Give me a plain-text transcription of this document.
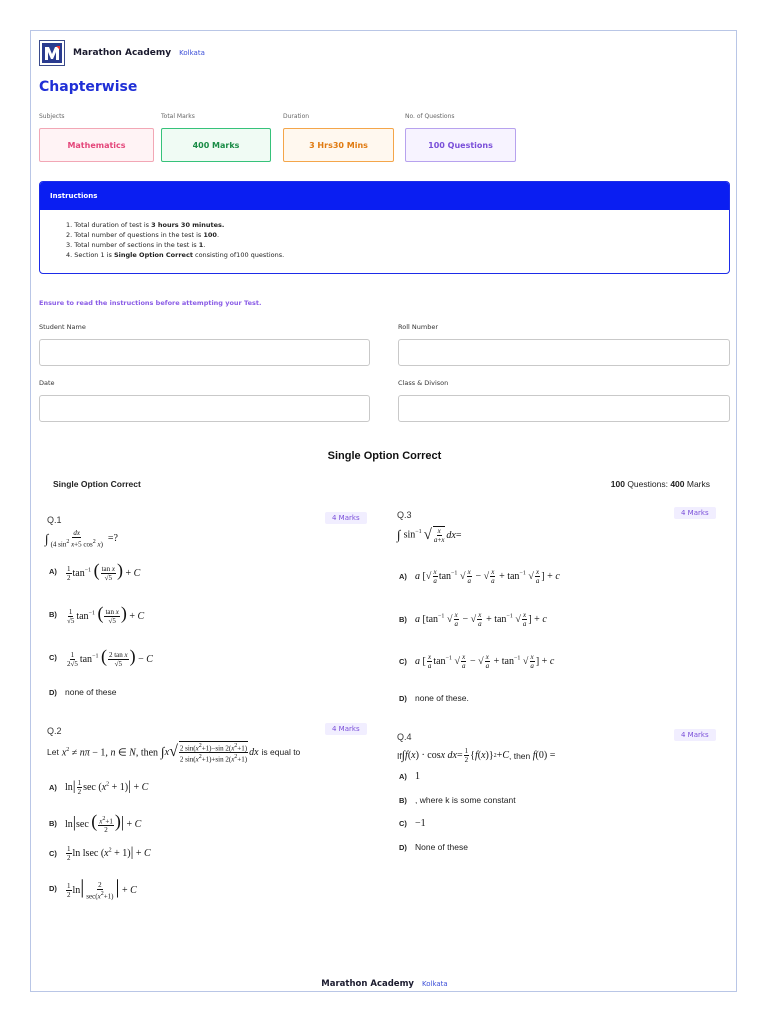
Marathon Academy Kolkata
Chapterwise
Subjects	Total Marks	Duration	No. of Questions
Mathematics	400 Marks	3 Hrs30 Mins	100 Questions
Instructions
1. Total duration of test is 3 hours 30 minutes.
2. Total number of questions in the test is 100.
3. Total number of sections in the test is 1.
4. Section 1 is Single Option Correct consisting of100 questions.
Ensure to read the instructions before attempting your Test.
Student Name	Roll Number
Date	Class & Divison
Single Option Correct
Single Option Correct	100 Questions: 400 Marks
Q.1	4 Marks
∫ $\frac{dx}{(4 \sin^2 x+5 \cos^2 x)}$ =?
A)	$\frac{1}{2} \tan^{-1}$ ( $\frac{\text{tan x}}{√5}$ ) + C
B)	$\frac{1}{√5} \tan^{-1}$ ( $\frac{\text{tan x}}{√5}$ ) + C
C)	$\frac{1}{2√5} \tan^{-1}$ ( $\frac{\text{2 tan x}}{√5}$ ) − C
D) none of these
Q.2	4 Marks
Let $x^2 \ne n\pi - 1$, n ∈ N, then ∫ x √ $\frac{2 \sin(x^2+1)-\sin 2(x^2+1)}{2 \sin(x^2+1)+\sin 2(x^2+1)}$ dx is equal to
A) $\ln| \frac{1}{2}$ $\sec (x^2 + 1)| + C$
B) ln|sec ( $\frac{x^2+1}{2}$ )| + C
C)	$\frac{1}{2}$ ln lsec $(x^2 + 1)| + C$
D)	$\frac{1}{2} \ln| \frac{2}{\sec(x^2+1)}$ | + C
Q.3	4 Marks
∫ $\sin^{-1}$ √ $\frac{x}{a+x}$ dx =
A) a [√ $\frac{x}{a} \tan^{-1}$ √ $\frac{x}{a}$ − √ $\frac{x}{a} + \tan^{-1}$ √ $\frac{x}{a}$ ] + c
B) a [$\tan^{-1}$ √ $\frac{x}{a}$ − √ $\frac{x}{a} + \tan^{-1}$ √ $\frac{x}{a}$ ] + c
C) a [ $\frac{x}{a} \tan^{-1}$ √ $\frac{x}{a}$ − √ $\frac{x}{a} + \tan^{-1}$ √ $\frac{x}{a}$ ] + c
D) none of these.
Q.4	4 Marks
If ∫ f ( x ) · cos x dx = $\frac{1}{2}$ { f ( x )} 2 + C , then
f (0) =
A) 1
B) , where k is some constant
C) −1
D) None of these
Marathon Academy Kolkata
